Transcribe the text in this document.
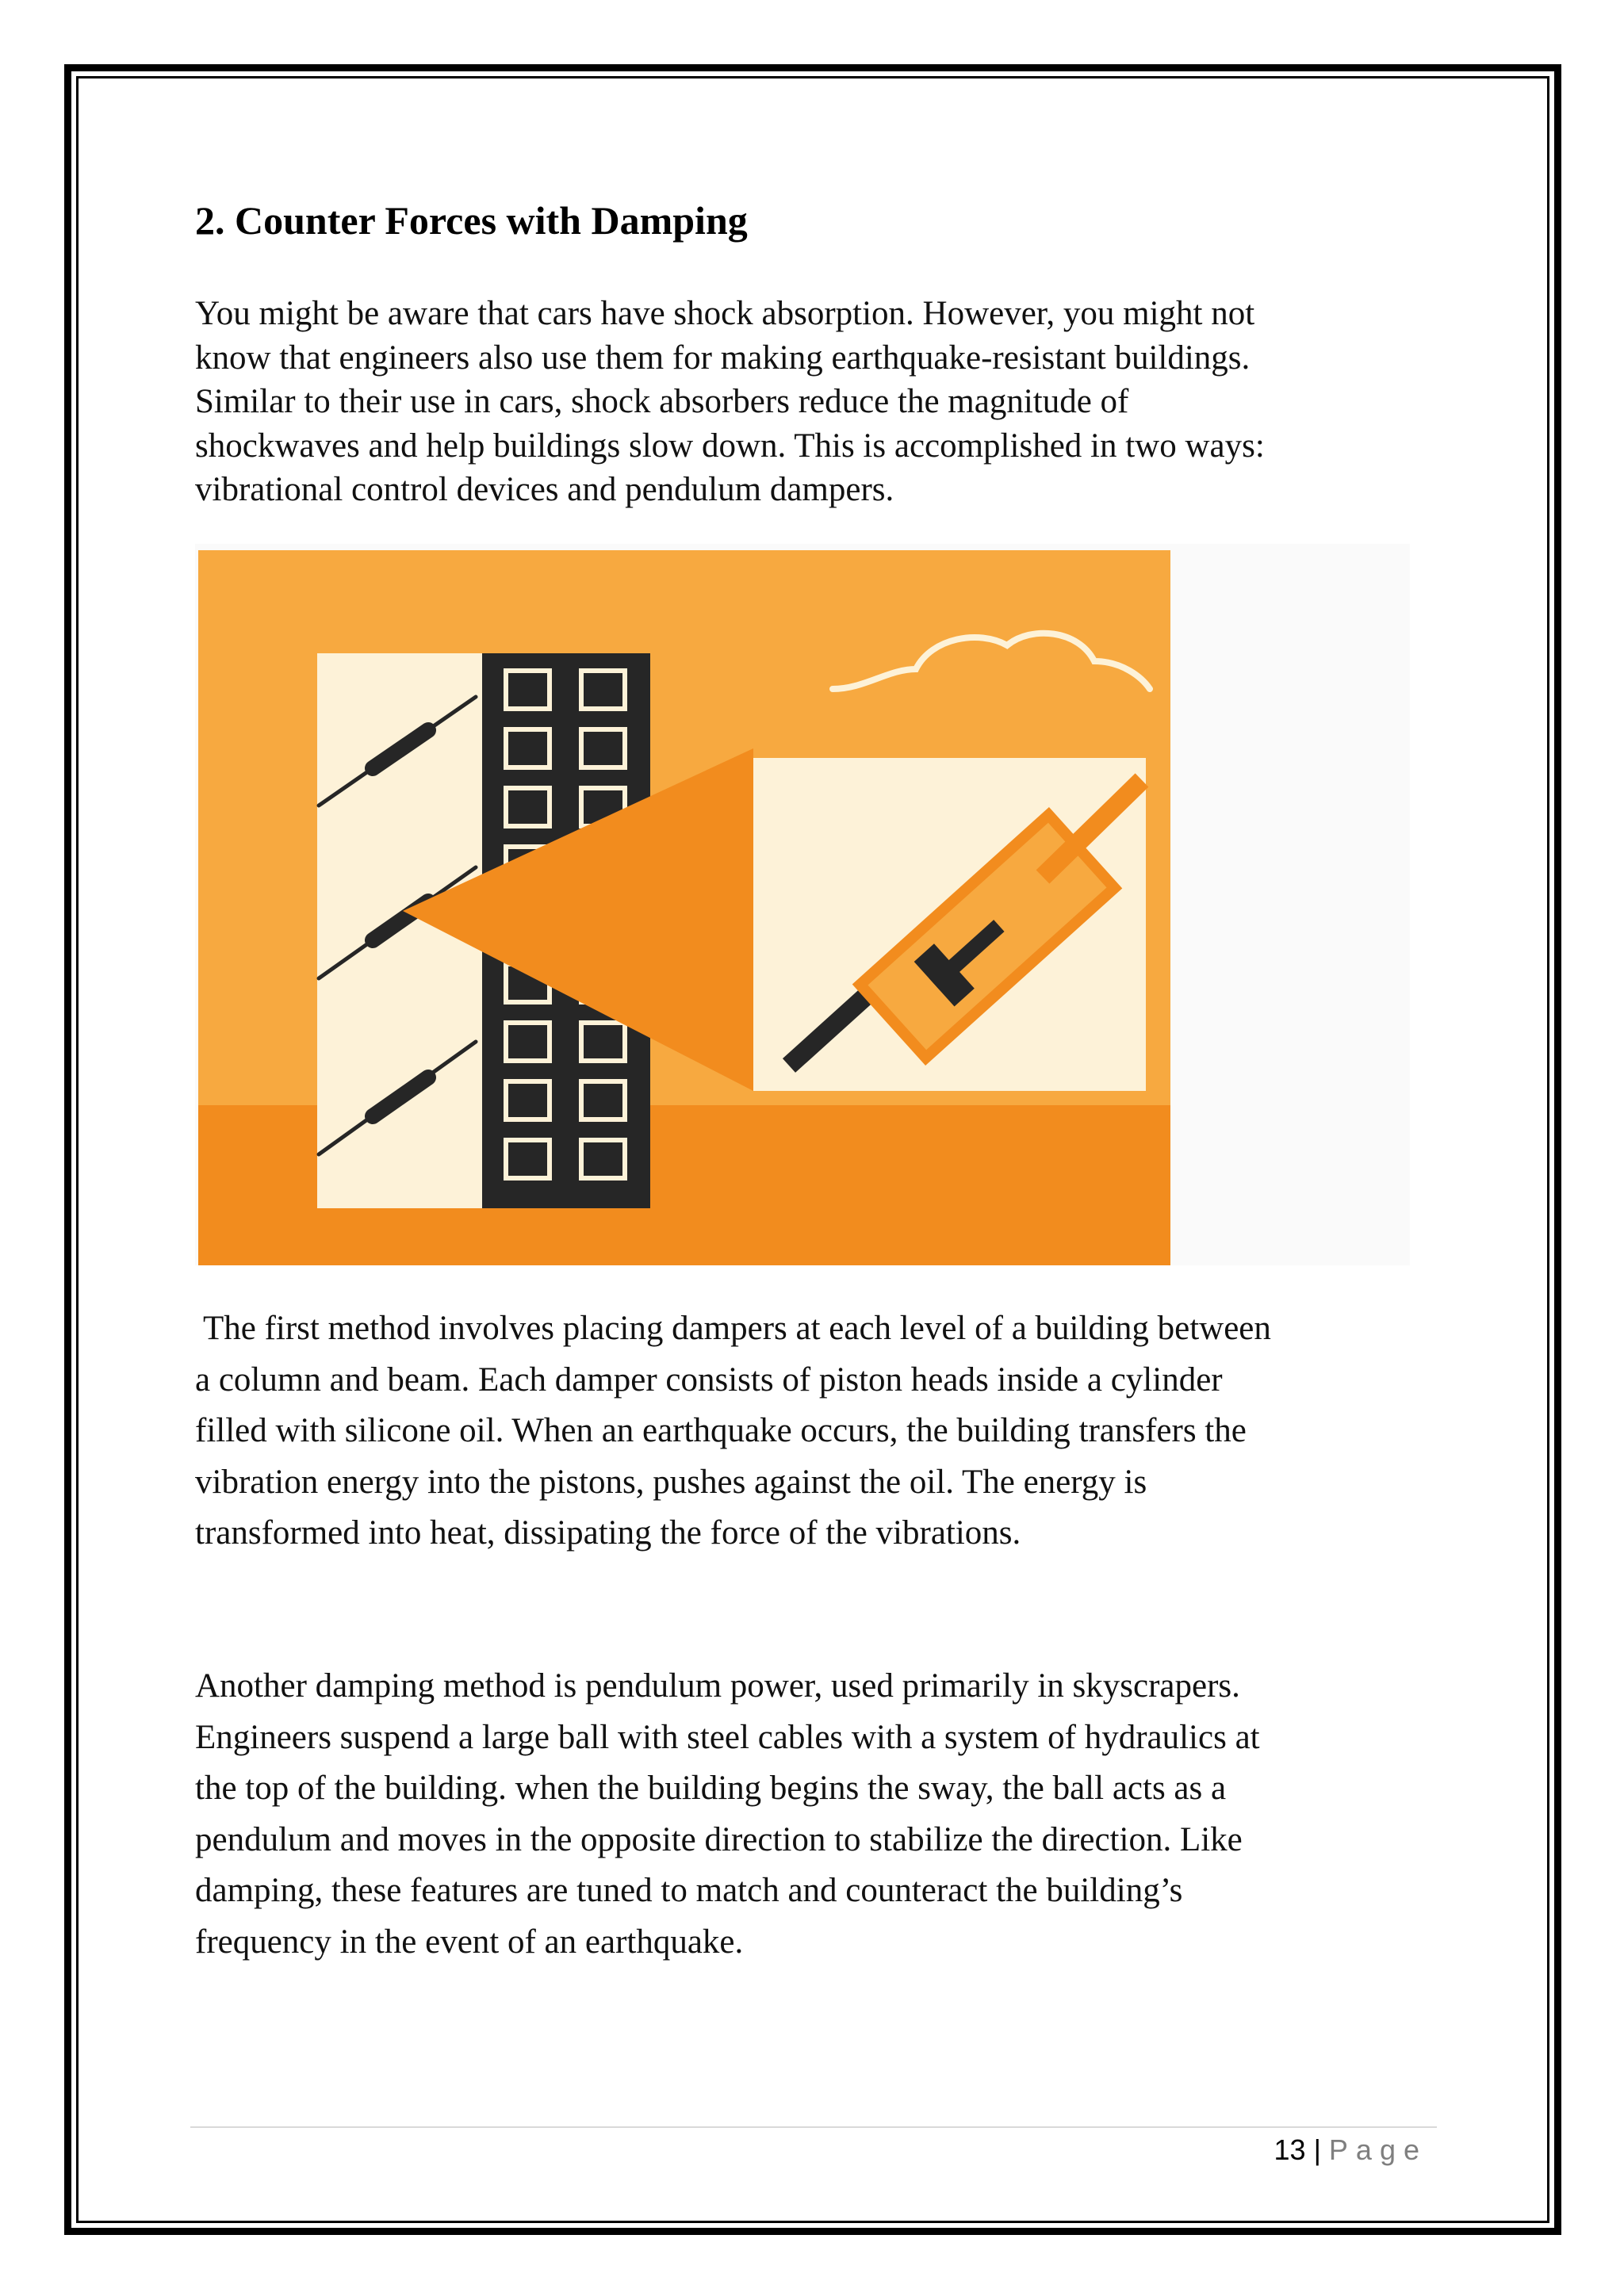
2. Counter Forces with Damping
You might be aware that cars have shock absorption. However, you might not
know that engineers also use them for making earthquake-resistant buildings.
Similar to their use in cars, shock absorbers reduce the magnitude of
shockwaves and help buildings slow down. This is accomplished in two ways:
vibrational control devices and pendulum dampers.
The first method involves placing dampers at each level of a building between
a column and beam. Each damper consists of piston heads inside a cylinder
filled with silicone oil. When an earthquake occurs, the building transfers the
vibration energy into the pistons, pushes against the oil. The energy is
transformed into heat, dissipating the force of the vibrations.
Another damping method is pendulum power, used primarily in skyscrapers.
Engineers suspend a large ball with steel cables with a system of hydraulics at
the top of the building. when the building begins the sway, the ball acts as a
pendulum and moves in the opposite direction to stabilize the direction. Like
damping, these features are tuned to match and counteract the building’s
frequency in the event of an earthquake.
13 | Page
